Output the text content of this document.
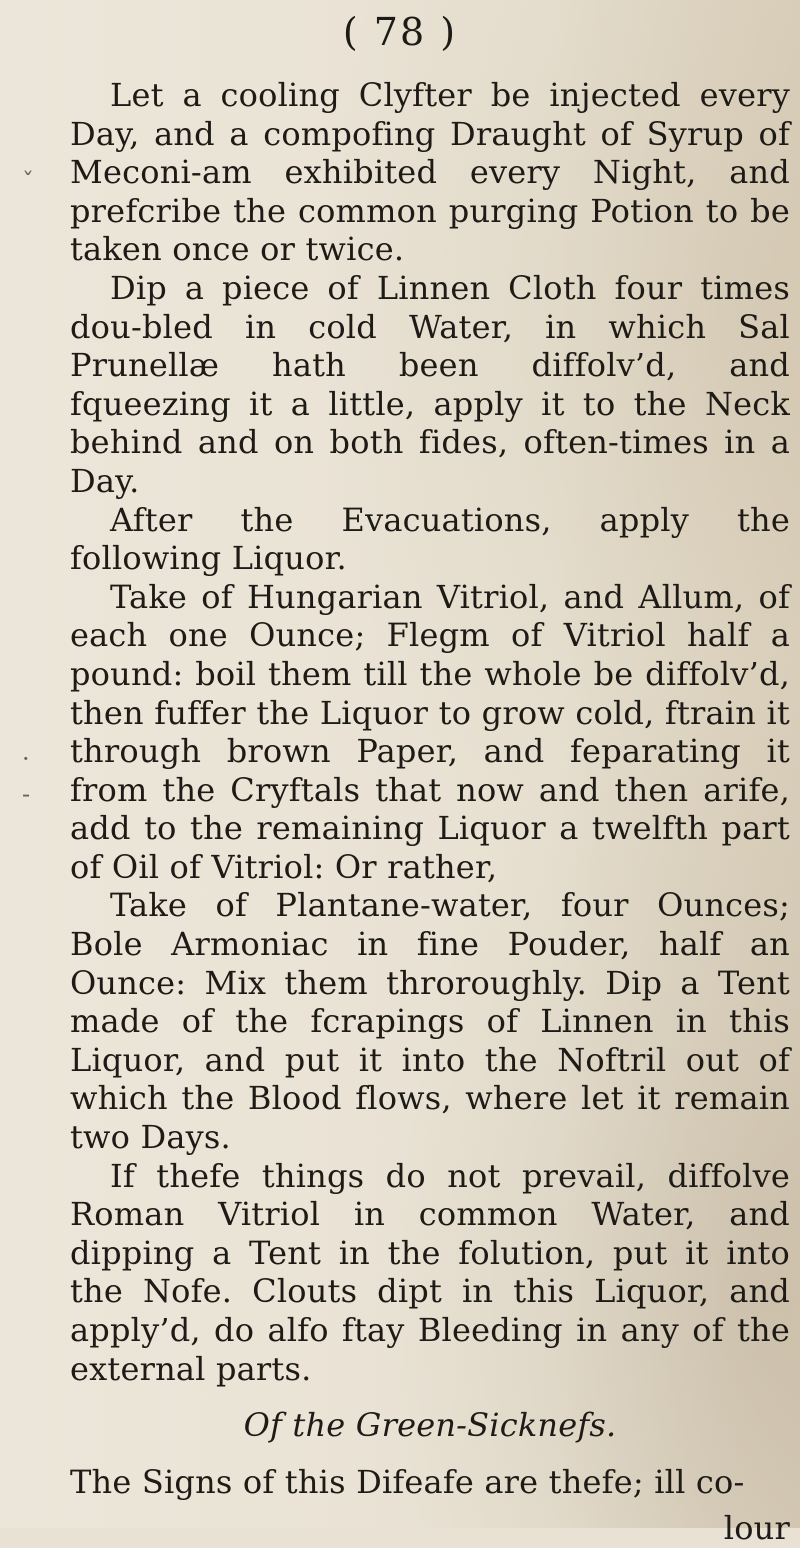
( 78 )
ˇ
·
-

Let a cooling Clyfter be injected every Day, and a compofing Draught of Syrup of Meconi-am exhibited every Night, and prefcribe the common purging Potion to be taken once or twice.

Dip a piece of Linnen Cloth four times dou-bled in cold Water, in which Sal Prunellæ hath been diffolv’d, and fqueezing it a little, apply it to the Neck behind and on both fides, often-times in a Day.

After the Evacuations, apply the following Liquor.

Take of Hungarian Vitriol, and Allum, of each one Ounce; Flegm of Vitriol half a pound: boil them till the whole be diffolv’d, then fuffer the Liquor to grow cold, ftrain it through brown Paper, and feparating it from the Cryftals that now and then arife, add to the remaining Liquor a twelfth part of Oil of Vitriol: Or rather,

Take of Plantane-water, four Ounces; Bole Armoniac in fine Pouder, half an Ounce: Mix them throroughly. Dip a Tent made of the fcrapings of Linnen in this Liquor, and put it into the Noftril out of which the Blood flows, where let it remain two Days.

If thefe things do not prevail, diffolve Roman Vitriol in common Water, and dipping a Tent in the folution, put it into the Nofe. Clouts dipt in this Liquor, and apply’d, do alfo ftay Bleeding in any of the external parts.

Of the Green-Sicknefs.

The Signs of this Difeafe are thefe; ill co-

lour
